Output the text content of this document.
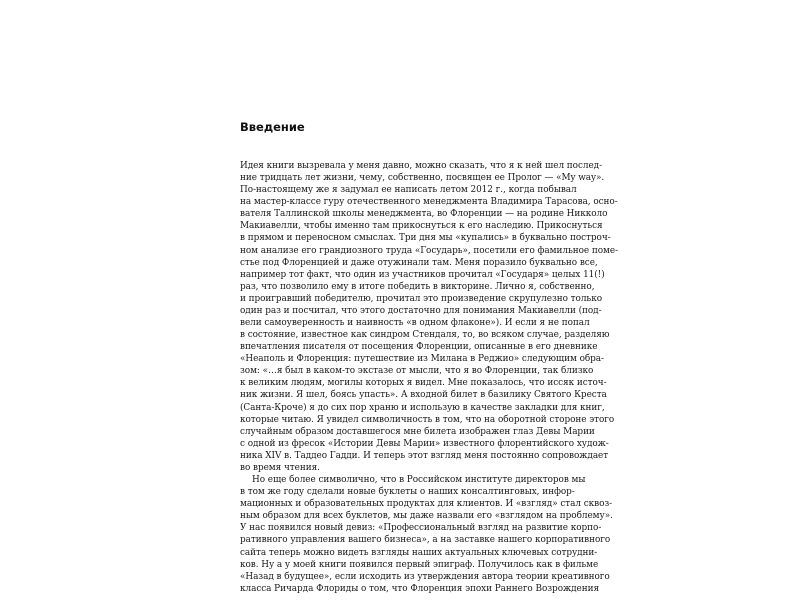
Введение
Идея книги вызревала у меня давно, можно сказать, что я к ней шел послед-
ние тридцать лет жизни, чему, собственно, посвящен ее Пролог — «My way».
По-настоящему же я задумал ее написать летом 2012 г., когда побывал
на мастер-классе гуру отечественного менеджмента Владимира Тарасова, осно-
вателя Таллинской школы менеджмента, во Флоренции — на родине Никколо
Макиавелли, чтобы именно там прикоснуться к его наследию. Прикоснуться
в прямом и переносном смыслах. Три дня мы «купались» в буквально построч-
ном анализе его грандиозного труда «Государь», посетили его фамильное поме-
стье под Флоренцией и даже отужинали там. Меня поразило буквально все,
например тот факт, что один из участников прочитал «Государя» целых 11(!)
раз, что позволило ему в итоге победить в викторине. Лично я, собственно,
и проигравший победителю, прочитал это произведение скрупулезно только
один раз и посчитал, что этого достаточно для понимания Макиавелли (под-
вели самоуверенность и наивность «в одном флаконе»). И если я не попал
в состояние, известное как синдром Стендаля, то, во всяком случае, разделяю
впечатления писателя от посещения Флоренции, описанные в его дневнике
«Неаполь и Флоренция: путешествие из Милана в Реджио» следующим обра-
зом: «…я был в каком-то экстазе от мысли, что я во Флоренции, так близко
к великим людям, могилы которых я видел. Мне показалось, что иссяк источ-
ник жизни. Я шел, боясь упасть». А входной билет в базилику Святого Креста
(Санта-Кроче) я до сих пор храню и использую в качестве закладки для книг,
которые читаю. Я увидел символичность в том, что на оборотной стороне этого
случайным образом доставшегося мне билета изображен глаз Девы Марии
с одной из фресок «Истории Девы Марии» известного флорентийского худож-
ника XIV в. Таддео Гадди. И теперь этот взгляд меня постоянно сопровождает
во время чтения.
Но еще более символично, что в Российском институте директоров мы
в том же году сделали новые буклеты о наших консалтинговых, инфор-
мационных и образовательных продуктах для клиентов. И «взгляд» стал сквоз-
ным образом для всех буклетов, мы даже назвали его «взглядом на проблему».
У нас появился новый девиз: «Профессиональный взгляд на развитие корпо-
ративного управления вашего бизнеса», а на заставке нашего корпоративного
сайта теперь можно видеть взгляды наших актуальных ключевых сотрудни-
ков. Ну а у моей книги появился первый эпиграф. Получилось как в фильме
«Назад в будущее», если исходить из утверждения автора теории креативного
класса Ричарда Флориды о том, что Флоренция эпохи Раннего Возрождения
